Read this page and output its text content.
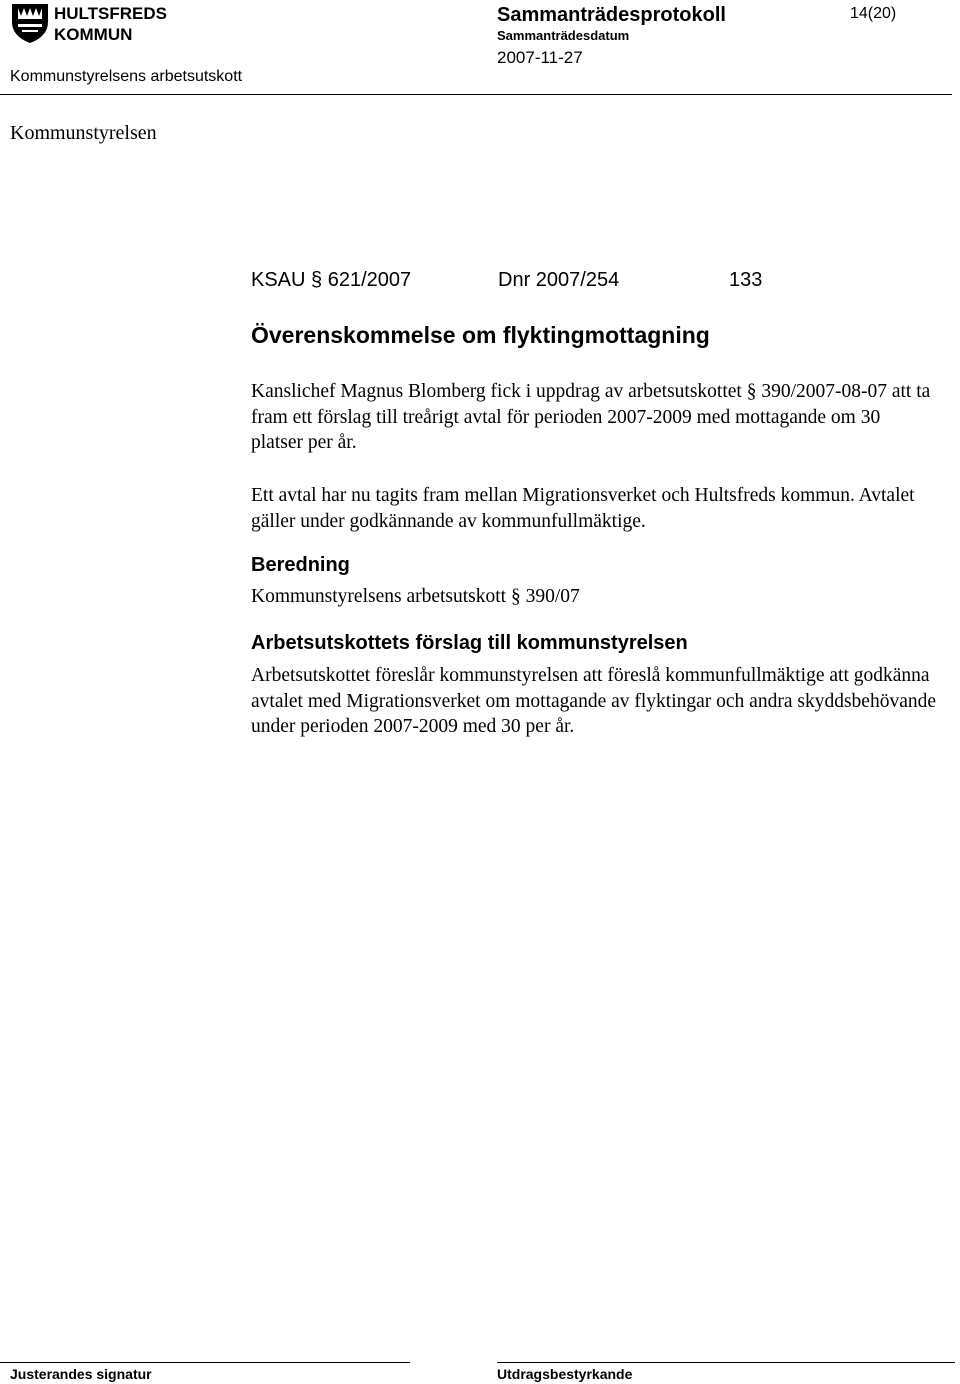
HULTSFREDS
KOMMUN
Kommunstyrelsens arbetsutskott
Sammanträdesprotokoll
Sammanträdesdatum
2007-11-27
14(20)
Kommunstyrelsen
KSAU § 621/2007	Dnr 2007/254	133
Överenskommelse om flyktingmottagning
Kanslichef Magnus Blomberg fick i uppdrag av arbetsutskottet § 390/2007-08-07 att ta fram ett förslag till treårigt avtal för perioden 2007-2009 med mottagande om 30 platser per år.
Ett avtal har nu tagits fram mellan Migrationsverket och Hultsfreds kommun. Avtalet gäller under godkännande av kommunfullmäktige.
Beredning
Kommunstyrelsens arbetsutskott § 390/07
Arbetsutskottets förslag till kommunstyrelsen
Arbetsutskottet föreslår kommunstyrelsen att föreslå kommunfullmäktige att godkänna avtalet med Migrationsverket om mottagande av flyktingar och andra skyddsbehövande under perioden 2007-2009 med 30 per år.
Justerandes signatur	Utdragsbestyrkande
